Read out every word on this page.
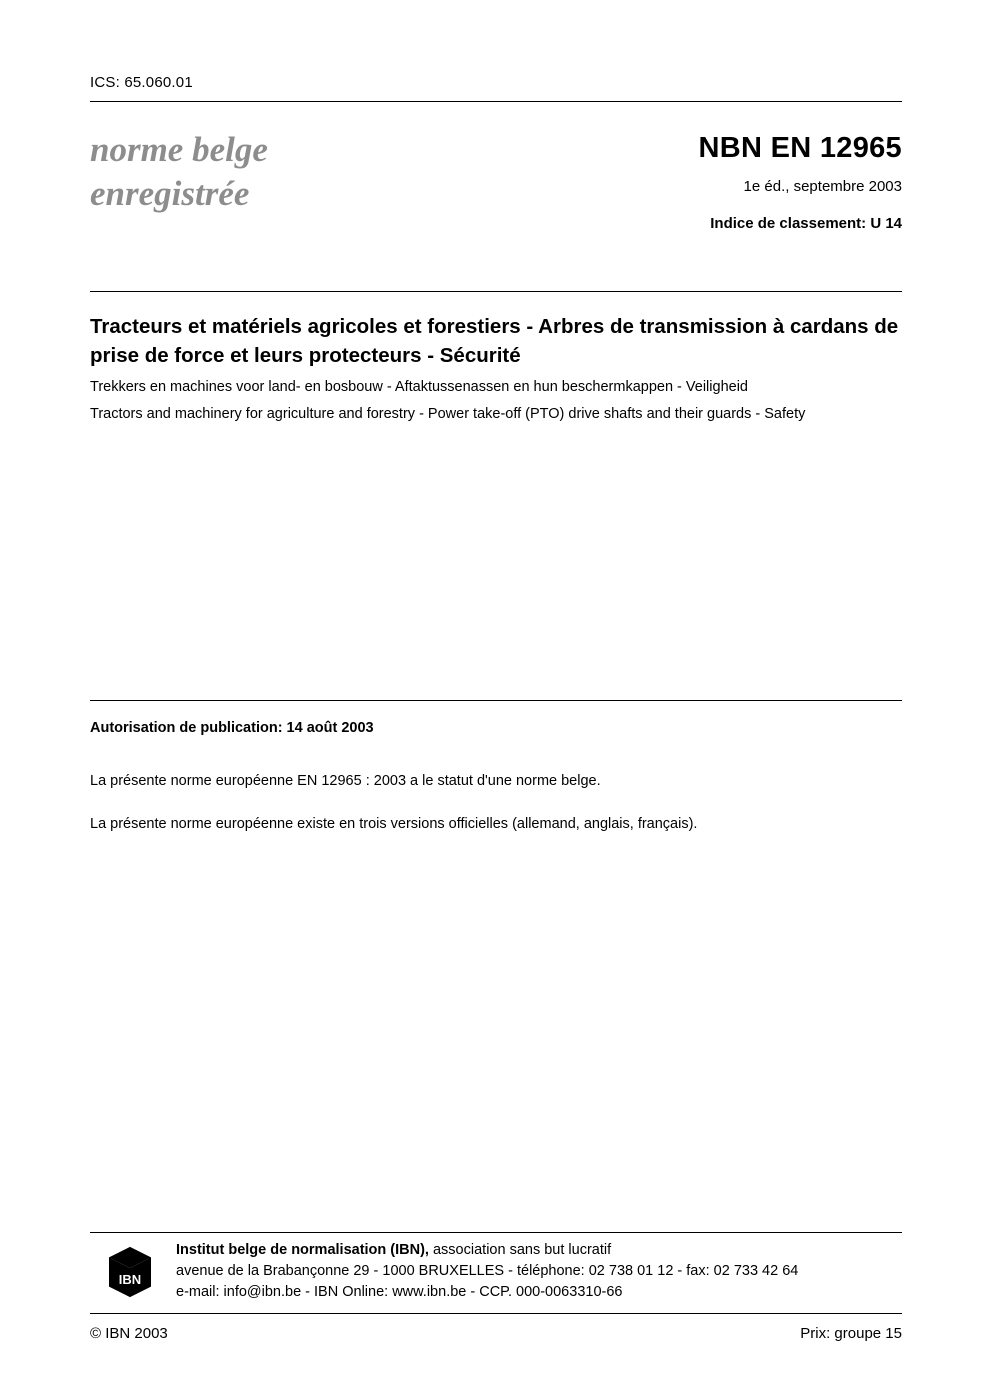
ICS: 65.060.01
norme belge
enregistrée
NBN EN 12965
1e éd., septembre 2003
Indice de classement: U 14
Tracteurs et matériels agricoles et forestiers - Arbres de transmission à cardans de prise de force et leurs protecteurs - Sécurité
Trekkers en machines voor land- en bosbouw - Aftaktussenassen en hun beschermkappen - Veiligheid
Tractors and machinery for agriculture and forestry - Power take-off (PTO) drive shafts and their guards - Safety
Autorisation de publication: 14 août 2003
La présente norme européenne EN 12965 : 2003 a le statut d'une norme belge.
La présente norme européenne existe en trois versions officielles (allemand, anglais, français).
IBN
Institut belge de normalisation (IBN), association sans but lucratif
avenue de la Brabançonne 29 - 1000 BRUXELLES - téléphone: 02 738 01 12 - fax: 02 733 42 64
e-mail: info@ibn.be - IBN Online: www.ibn.be - CCP. 000-0063310-66
© IBN 2003	Prix: groupe 15
